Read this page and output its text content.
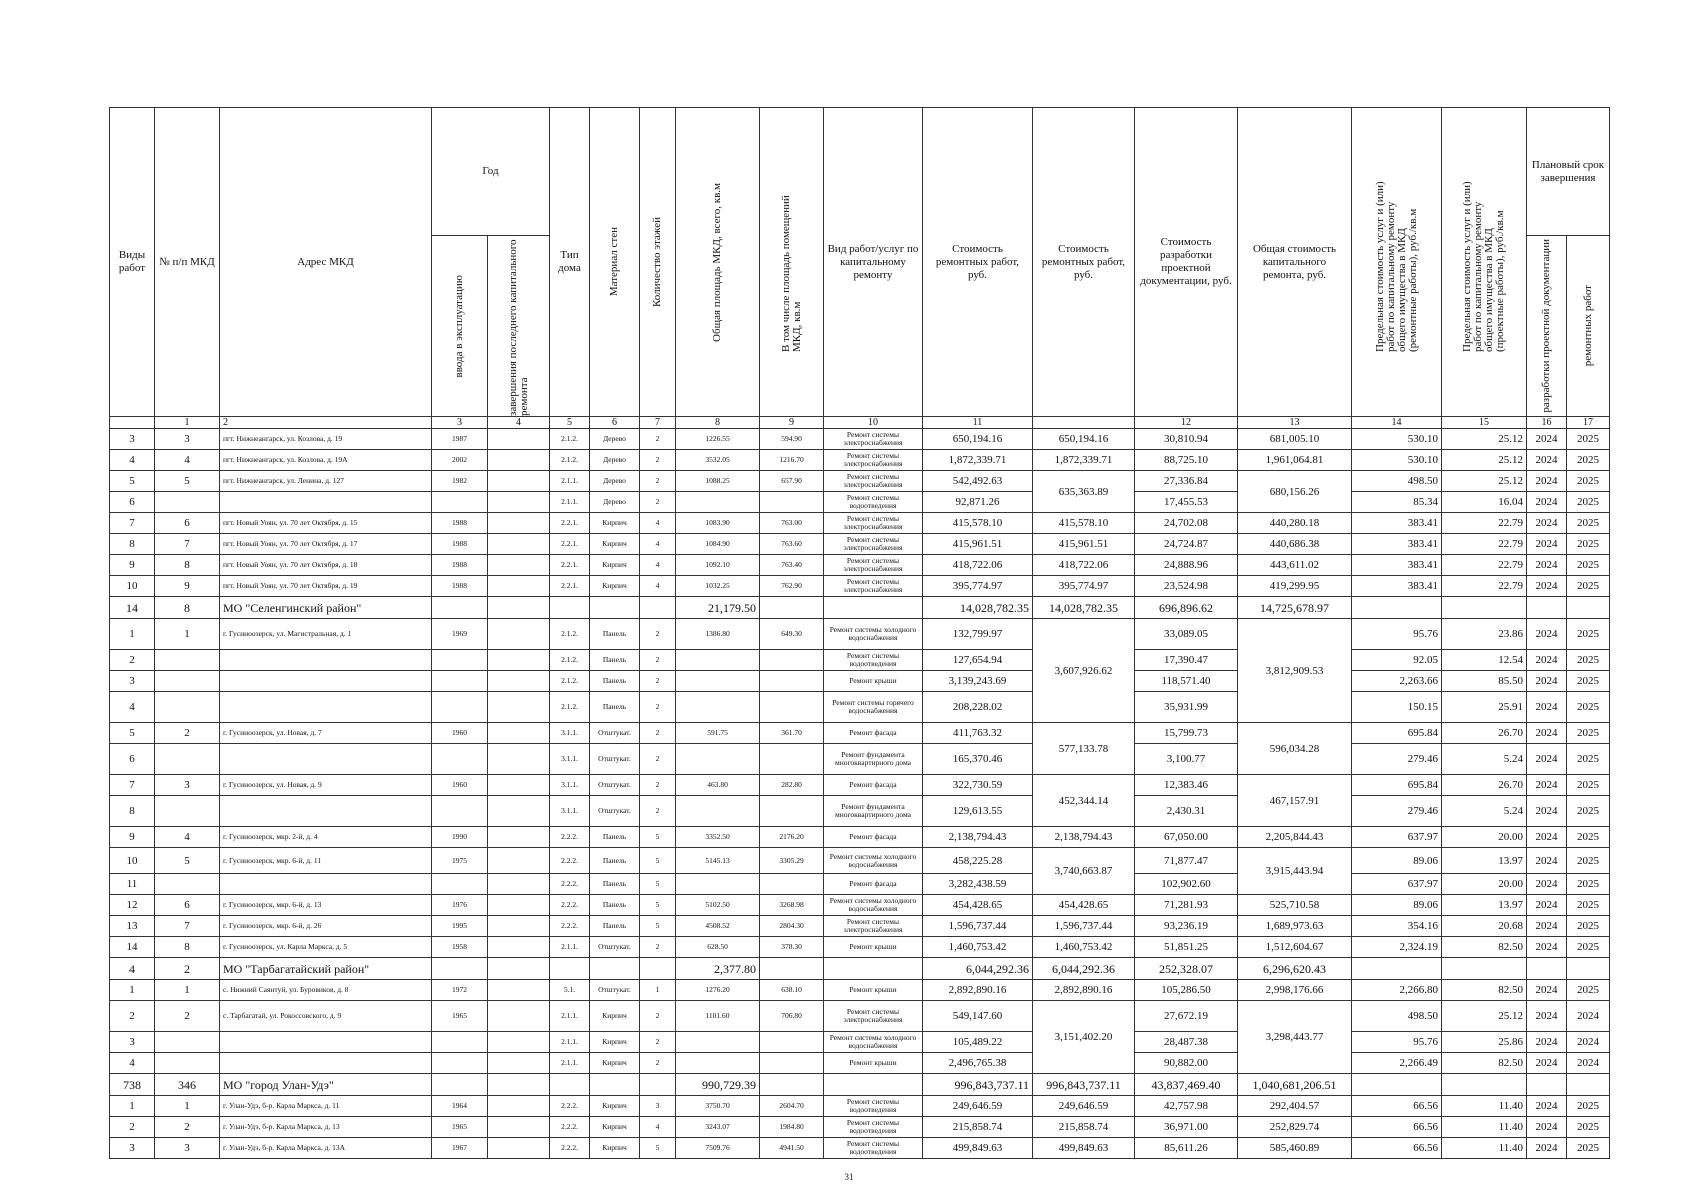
Виды работ	№ п/п МКД	Адрес МКД	Год		Тип дома	Материал стен	Количество этажей	Общая площадь МКД, всего, кв.м	В том числе площадь помещений МКД, кв.м	Вид работ/услуг по капитальному ремонту	Стоимость ремонтных работ, руб.	Стоимость ремонтных работ, руб.	Стоимость разработки проектной документации, руб.	Общая стоимость капитального ремонта, руб.	Предельная стоимость услуг и (или) работ по капитальному ремонту общего имущества в МКД (ремонтные работы), руб./кв.м	Предельная стоимость услуг и (или) работ по капитальному ремонту общего имущества в МКД (проектные работы), руб./кв.м	Плановый срок завершения	

			ввода в эксплуатацию	завершения последнего капитального ремонта													разработки проектной документации	ремонтных работ

	1	2	3	4	5	6	7	8	9	10	11		12	13	14	15	16	17
3	3	пгт. Нижнеангарск, ул. Козлова, д. 19	1987		2.1.2.	Дерево	2	1226.55	594.90	Ремонт системы электроснабжения	650,194.16	650,194.16	30,810.94	681,005.10	530.10	25.12	2024	2025
4	4	пгт. Нижнеангарск, ул. Козлова, д. 19А	2002		2.1.2.	Дерево	2	3532.05	1216.70	Ремонт системы электроснабжения	1,872,339.71	1,872,339.71	88,725.10	1,961,064.81	530.10	25.12	2024	2025
5	5	пгт. Нижнеангарск, ул. Ленина, д. 127	1982		2.1.1.	Дерево	2	1088.25	657.90	Ремонт системы электроснабжения	542,492.63	635,363.89	27,336.84	680,156.26	498.50	25.12	2024	2025
6					2.1.1.	Дерево	2			Ремонт системы водоотведения	92,871.26		17,455.53		85.34	16.04	2024	2025
7	6	пгт. Новый Уоян, ул. 70 лет Октября, д. 15	1988		2.2.1.	Кирпич	4	1083.90	763.00	Ремонт системы электроснабжения	415,578.10	415,578.10	24,702.08	440,280.18	383.41	22.79	2024	2025
8	7	пгт. Новый Уоян, ул. 70 лет Октября, д. 17	1988		2.2.1.	Кирпич	4	1084.90	763.60	Ремонт системы электроснабжения	415,961.51	415,961.51	24,724.87	440,686.38	383.41	22.79	2024	2025
9	8	пгт. Новый Уоян, ул. 70 лет Октября, д. 18	1988		2.2.1.	Кирпич	4	1092.10	763.40	Ремонт системы электроснабжения	418,722.06	418,722.06	24,888.96	443,611.02	383.41	22.79	2024	2025
10	9	пгт. Новый Уоян, ул. 70 лет Октября, д. 19	1988		2.2.1.	Кирпич	4	1032.25	762.90	Ремонт системы электроснабжения	395,774.97	395,774.97	23,524.98	419,299.95	383.41	22.79	2024	2025
14	8	МО "Селенгинский район"						21,179.50			14,028,782.35	14,028,782.35	696,896.62	14,725,678.97				
1	1	г. Гусиноозерск, ул. Магистральная, д. 1	1969		2.1.2.	Панель	2	1386.80	649.30	Ремонт системы холодного водоснабжения	132,799.97	3,607,926.62	33,089.05	3,812,909.53	95.76	23.86	2024	2025
2					2.1.2.	Панель	2			Ремонт системы водоотведения	127,654.94		17,390.47		92.05	12.54	2024	2025
3					2.1.2.	Панель	2			Ремонт крыши	3,139,243.69		118,571.40		2,263.66	85.50	2024	2025
4					2.1.2.	Панель	2			Ремонт системы горячего водоснабжения	208,228.02		35,931.99		150.15	25.91	2024	2025
5	2	г. Гусиноозерск, ул. Новая, д. 7	1960		3.1.1.	Отштукат.	2	591.75	361.70	Ремонт фасада	411,763.32	577,133.78	15,799.73	596,034.28	695.84	26.70	2024	2025
6					3.1.1.	Отштукат.	2			Ремонт фундамента многоквартирного дома	165,370.46		3,100.77		279.46	5.24	2024	2025
7	3	г. Гусиноозерск, ул. Новая, д. 9	1960		3.1.1.	Отштукат.	2	463.80	282.80	Ремонт фасада	322,730.59	452,344.14	12,383.46	467,157.91	695.84	26.70	2024	2025
8					3.1.1.	Отштукат.	2			Ремонт фундамента многоквартирного дома	129,613.55		2,430.31		279.46	5.24	2024	2025
9	4	г. Гусиноозерск, мкр. 2-й, д. 4	1990		2.2.2.	Панель	5	3352.50	2176.20	Ремонт фасада	2,138,794.43	2,138,794.43	67,050.00	2,205,844.43	637.97	20.00	2024	2025
10	5	г. Гусиноозерск, мкр. 6-й, д. 11	1975		2.2.2.	Панель	5	5145.13	3305.29	Ремонт системы холодного водоснабжения	458,225.28	3,740,663.87	71,877.47	3,915,443.94	89.06	13.97	2024	2025
11					2.2.2.	Панель	5			Ремонт фасада	3,282,438.59		102,902.60		637.97	20.00	2024	2025
12	6	г. Гусиноозерск, мкр. 6-й, д. 13	1976		2.2.2.	Панель	5	5102.50	3268.98	Ремонт системы холодного водоснабжения	454,428.65	454,428.65	71,281.93	525,710.58	89.06	13.97	2024	2025
13	7	г. Гусиноозерск, мкр. 6-й, д. 26	1995		2.2.2.	Панель	5	4508.52	2804.30	Ремонт системы электроснабжения	1,596,737.44	1,596,737.44	93,236.19	1,689,973.63	354.16	20.68	2024	2025
14	8	г. Гусиноозерск, ул. Карла Маркса, д. 5	1958		2.1.1.	Отштукат.	2	628.50	378.30	Ремонт крыши	1,460,753.42	1,460,753.42	51,851.25	1,512,604.67	2,324.19	82.50	2024	2025
4	2	МО "Тарбагатайский район"						2,377.80			6,044,292.36	6,044,292.36	252,328.07	6,296,620.43				
1	1	с. Нижний Саянтуй, ул. Буровиков, д. 8	1972		5.1.	Отштукат.	1	1276.20	638.10	Ремонт крыши	2,892,890.16	2,892,890.16	105,286.50	2,998,176.66	2,266.80	82.50	2024	2025
2	2	с. Тарбагатай, ул. Рокоссовского, д. 9	1965		2.1.1.	Кирпич	2	1101.60	706.80	Ремонт системы электроснабжения	549,147.60	3,151,402.20	27,672.19	3,298,443.77	498.50	25.12	2024	2024
3					2.1.1.	Кирпич	2			Ремонт системы холодного водоснабжения	105,489.22		28,487.38		95.76	25.86	2024	2024
4					2.1.1.	Кирпич	2			Ремонт крыши	2,496,765.38		90,882.00		2,266.49	82.50	2024	2024
738	346	МО "город Улан-Удэ"						990,729.39			996,843,737.11	996,843,737.11	43,837,469.40	1,040,681,206.51				
1	1	г. Улан-Удэ, б-р. Карла Маркса, д. 11	1964		2.2.2.	Кирпич	3	3750.70	2604.70	Ремонт системы водоотведения	249,646.59	249,646.59	42,757.98	292,404.57	66.56	11.40	2024	2025
2	2	г. Улан-Удэ, б-р. Карла Маркса, д. 13	1965		2.2.2.	Кирпич	4	3243.07	1984.80	Ремонт системы водоотведения	215,858.74	215,858.74	36,971.00	252,829.74	66.56	11.40	2024	2025
3	3	г. Улан-Удэ, б-р. Карла Маркса, д. 13А	1967		2.2.2.	Кирпич	5	7509.76	4941.50	Ремонт системы водоотведения	499,849.63	499,849.63	85,611.26	585,460.89	66.56	11.40	2024	2025
31
